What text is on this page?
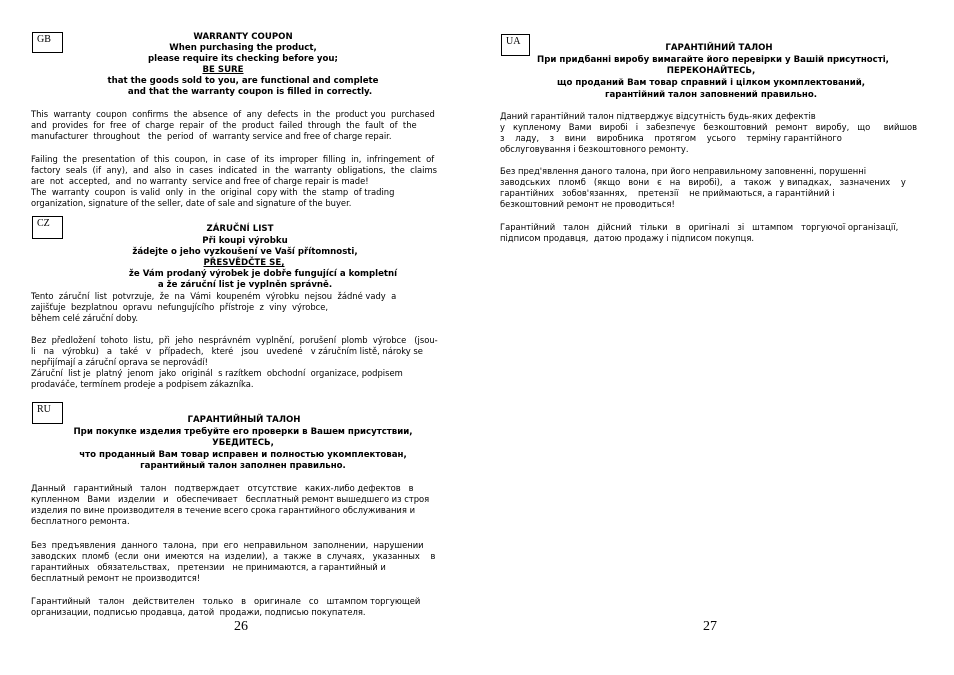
GB	WARRANTY COUPON
When purchasing the product,
please require its checking before you;
BE SURE
that the goods sold to you, are functional and complete
and that the warranty coupon is filled in correctly.
This  warranty  coupon  confirms  the  absence  of  any  defects  in  the  product you  purchased
and  provides  for  free  of  charge  repair  of  the  product  failed  through  the  fault  of  the
manufacturer  throughout   the  period  of  warranty service and free of charge repair.
Failing  the  presentation  of  this  coupon,  in  case  of  its  improper  filling  in,  infringement  of
factory  seals  (if  any),  and  also  in  cases  indicated  in  the  warranty  obligations,  the  claims
are  not  accepted,  and  no warranty  service and free of charge repair is made!
The  warranty  coupon  is valid  only  in  the  original  copy with  the  stamp  of trading
organization, signature of the seller, date of sale and signature of the buyer.
CZ	ZÁRUČNÍ LIST
Při koupi výrobku
žádejte o jeho vyzkoušení ve Vaší přítomnosti,
PŘESVĚDČTE SE,
že Vám prodaný výrobek je dobře fungující a kompletní
a že záruční list je vyplněn správně.
Tento  záruční  list  potvrzuje,  že  na  Vámi  koupeném  výrobku  nejsou  žádné vady  a
zajišťuje  bezplatnou  opravu  nefungujícího  přístroje  z  viny  výrobce,
během celé záruční doby.
Bez  předložení  tohoto  listu,  při  jeho  nesprávném  vyplnění,  porušení  plomb  výrobce   (jsou-
li   na   výrobku)   a   také   v   případech,   které   jsou   uvedené   v záručním listě, nároky se
nepřijímají a záruční oprava se neprovádí!
Záruční  list je  platný  jenom  jako  originál  s razítkem  obchodní  organizace, podpisem
prodaváče, termínem prodeje a podpisem zákazníka.
RU
ГАРАНТИЙНЫЙ ТАЛОН
При покупке изделия требуйте его проверки в Вашем присутствии,
УБЕДИТЕСЬ,
что проданный Вам товар исправен и полностью укомплектован,
гарантийный талон заполнен правильно.
Данный   гарантийный   талон   подтверждает   отсутствие   каких-либо дефектов   в
купленном   Вами   изделии   и   обеспечивает   бесплатный ремонт вышедшего из строя
изделия по вине производителя в течение всего срока гарантийного обслуживания и
бесплатного ремонта.
Без  предъявления  данного  талона,  при  его  неправильном  заполнении,  нарушении
заводских  пломб  (если  они  имеются  на  изделии),  а  также  в  случаях,   указанных    в
гарантийных   обязательствах,   претензии   не принимаются, а гарантийный и
бесплатный ремонт не производится!
Гарантийный   талон   действителен   только   в   оригинале   со   штампом торгующей
организации, подписью продавца, датой  продажи, подписью покупателя.
26
UA
ГАРАНТІЙНИЙ ТАЛОН
При придбанні виробу вимагайте його перевірки у Вашій присутності,
ПЕРЕКОНАЙТЕСЬ,
що проданий Вам товар справний і цілком укомплектований,
гарантійний талон заповнений правильно.
Даний гарантійний талон підтверджує відсутність будь-яких дефектів
у   купленому   Вами   виробі   і   забезпечує   безкоштовний   ремонт   виробу,   що     вийшов
з    ладу,    з    вини    виробника    протягом    усього    терміну гарантійного
обслуговування і безкоштовного ремонту.
Без пред'явлення даного талона, при його неправильному заповненні, порушенні
заводських   пломб   (якщо   вони   є   на   виробі),   а   також   у випадках,   зазначених    у
гарантійних   зобов'язаннях,    претензії    не приймаються, а гарантійний і
безкоштовний ремонт не проводиться!
Гарантійний   талон   дійсний   тільки   в   оригіналі   зі   штампом   торгуючої організації,
підписом продавця,  датою продажу і підписом покупця.
27
